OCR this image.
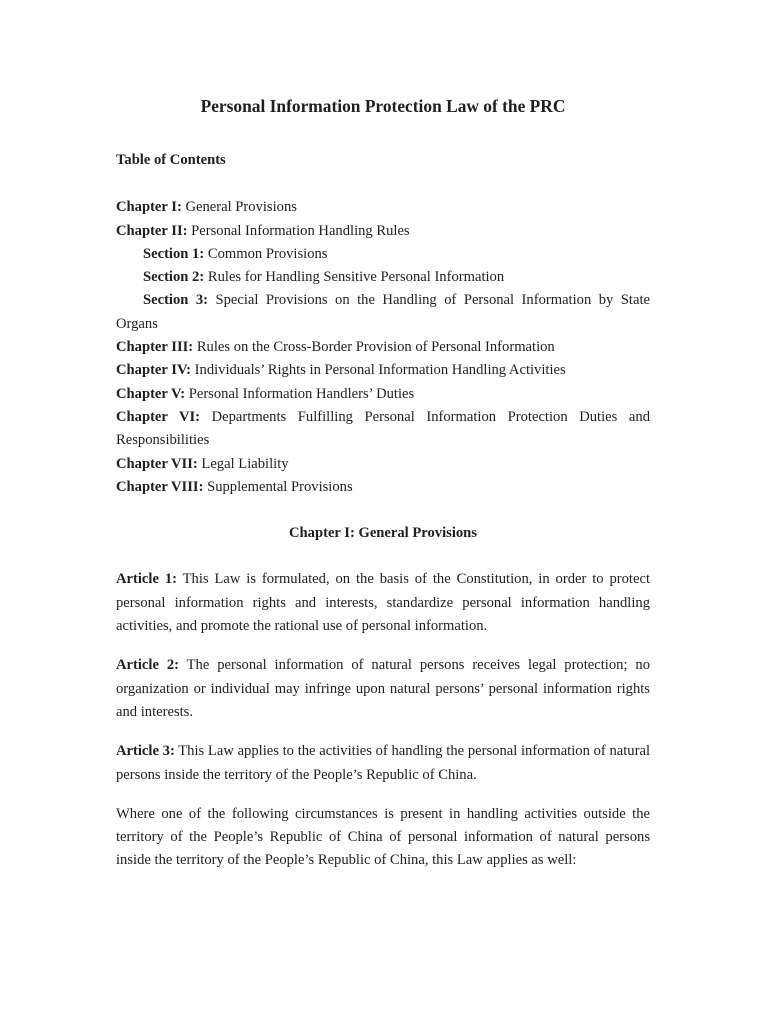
Personal Information Protection Law of the PRC
Table of Contents

Chapter I: General Provisions

Chapter II: Personal Information Handling Rules

Section 1: Common Provisions

Section 2: Rules for Handling Sensitive Personal Information

Section 3: Special Provisions on the Handling of Personal Information by State Organs

Chapter III: Rules on the Cross-Border Provision of Personal Information

Chapter IV: Individuals’ Rights in Personal Information Handling Activities

Chapter V: Personal Information Handlers’ Duties

Chapter VI: Departments Fulfilling Personal Information Protection Duties and Responsibilities

Chapter VII: Legal Liability

Chapter VIII: Supplemental Provisions

Chapter I: General Provisions

Article 1: This Law is formulated, on the basis of the Constitution, in order to protect personal information rights and interests, standardize personal information handling activities, and promote the rational use of personal information.

Article 2: The personal information of natural persons receives legal protection; no organization or individual may infringe upon natural persons’ personal information rights and interests.

Article 3: This Law applies to the activities of handling the personal information of natural persons inside the territory of the People’s Republic of China.

Where one of the following circumstances is present in handling activities outside the territory of the People’s Republic of China of personal information of natural persons inside the territory of the People’s Republic of China, this Law applies as well:
